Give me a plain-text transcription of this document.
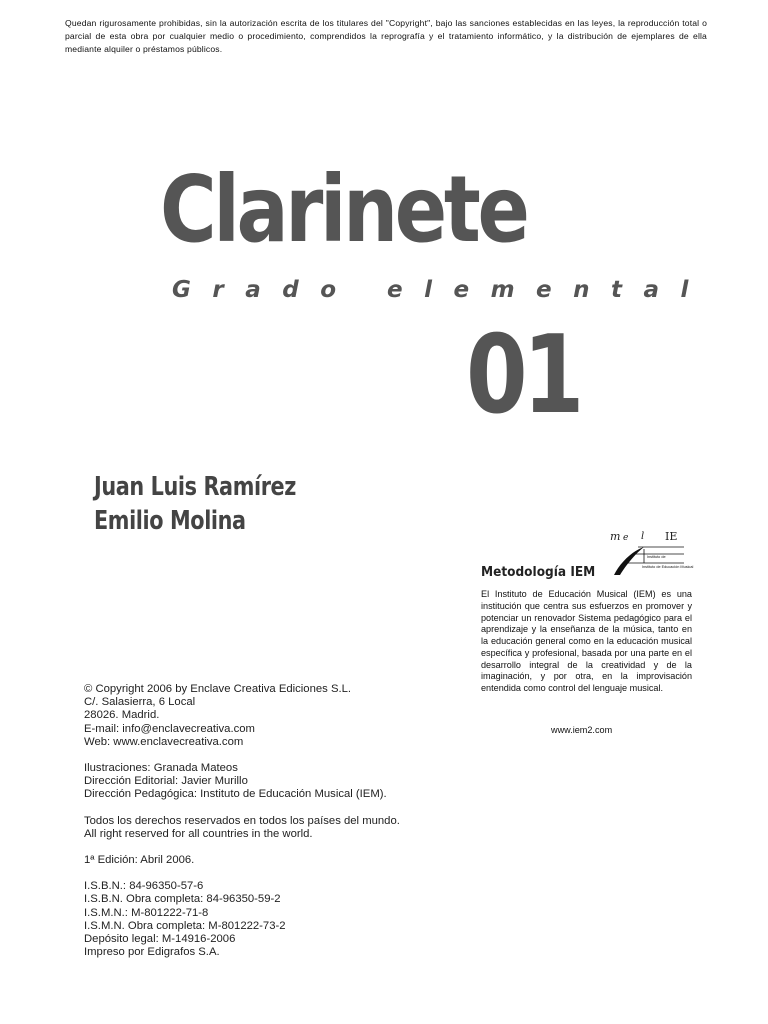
Quedan rigurosamente prohibidas, sin la autorización escrita de los titulares del "Copyright", bajo las sanciones establecidas en las leyes, la reproducción total o parcial de esta obra por cualquier medio o procedimiento, comprendidos la reprografía y el tratamiento informático, y la distribución de ejemplares de ella mediante alquiler o préstamos públicos.
Clarinete
Grado elemental
01
Juan Luis Ramírez
Emilio Molina
m e l IE
Instituto de
Instituto de Educación Musical
Metodología IEM
El Instituto de Educación Musical (IEM) es una institución que centra sus esfuerzos en promover y potenciar un renovador Sistema pedagógico para el aprendizaje y la enseñanza de la música, tanto en la educación general como en la educación musical específica y profesional, basada por una parte en el desarrollo integral de la creatividad y de la imaginación, y por otra, en la improvisación entendida como control del lenguaje musical.
www.iem2.com
© Copyright 2006 by Enclave Creativa Ediciones S.L.
C/. Salasierra, 6 Local
28026. Madrid.
E-mail: info@enclavecreativa.com
Web: www.enclavecreativa.com
Ilustraciones: Granada Mateos
Dirección Editorial: Javier Murillo
Dirección Pedagógica: Instituto de Educación Musical (IEM).
Todos los derechos reservados en todos los países del mundo.
All right reserved for all countries in the world.
1ª Edición: Abril 2006.
I.S.B.N.: 84-96350-57-6
I.S.B.N. Obra completa: 84-96350-59-2
I.S.M.N.: M-801222-71-8
I.S.M.N. Obra completa: M-801222-73-2
Depósito legal: M-14916-2006
Impreso por Edigrafos S.A.
